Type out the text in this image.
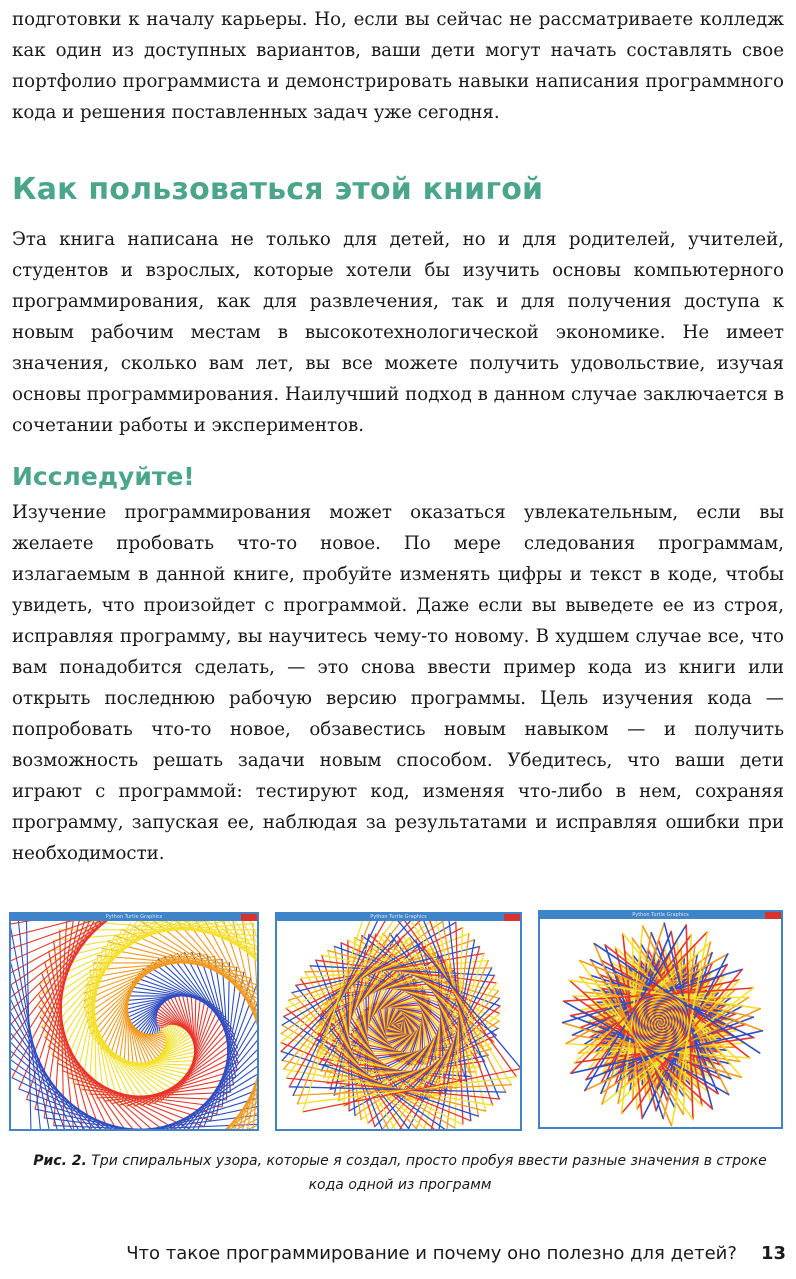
подготовки к началу карьеры. Но, если вы сейчас не рассматриваете колледж как один из доступных вариантов, ваши дети могут начать составлять свое портфолио программиста и демонстрировать навыки написания программного кода и решения поставленных задач уже сегодня.

Как пользоваться этой книгой

Эта книга написана не только для детей, но и для родителей, учителей, студентов и взрослых, которые хотели бы изучить основы компьютерного программирования, как для развлечения, так и для получения доступа к новым рабочим местам в высокотехнологической экономике. Не имеет значения, сколько вам лет, вы все можете получить удовольствие, изучая основы программирования. Наилучший подход в данном случае заключается в сочетании работы и экспериментов.

Исследуйте!

Изучение программирования может оказаться увлекательным, если вы желаете пробовать что-то новое. По мере следования программам, излагаемым в данной книге, пробуйте изменять цифры и текст в коде, чтобы увидеть, что произойдет с программой. Даже если вы выведете ее из строя, исправляя программу, вы научитесь чему-то новому. В худшем случае все, что вам понадобится сделать, — это снова ввести пример кода из книги или открыть последнюю рабочую версию программы. Цель изучения кода — попробовать что-то новое, обзавестись новым навыком — и получить возможность решать задачи новым способом. Убедитесь, что ваши дети играют с программой: тестируют код, изменяя что-либо в нем, сохраняя программу, запуская ее, наблюдая за результатами и исправляя ошибки при необходимости.

Python Turtle Graphics	Python Turtle Graphics	Python Turtle Graphics

Рис. 2. Три спиральных узора, которые я создал, просто пробуя ввести разные значения в строке кода одной из программ

Что такое программирование и почему оно полезно для детей? 13
